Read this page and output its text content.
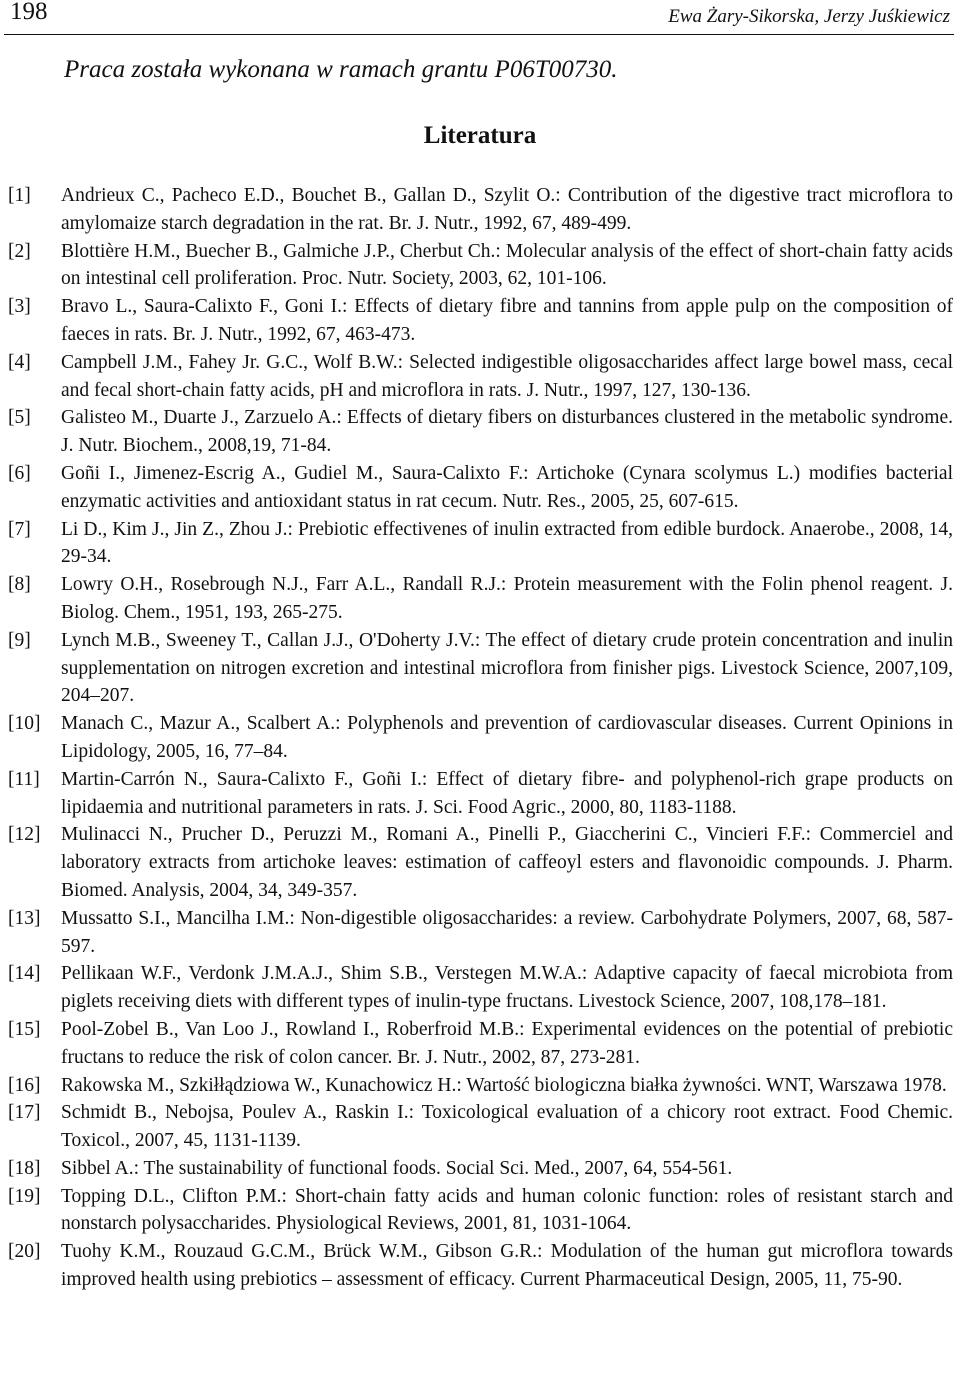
198	Ewa Żary-Sikorska, Jerzy Juśkiewicz
Praca została wykonana w ramach grantu P06T00730.
Literatura
[1] Andrieux C., Pacheco E.D., Bouchet B., Gallan D., Szylit O.: Contribution of the digestive tract microflora to amylomaize starch degradation in the rat. Br. J. Nutr., 1992, 67, 489-499.
[2] Blottière H.M., Buecher B., Galmiche J.P., Cherbut Ch.: Molecular analysis of the effect of short-chain fatty acids on intestinal cell proliferation. Proc. Nutr. Society, 2003, 62, 101-106.
[3] Bravo L., Saura-Calixto F., Goni I.: Effects of dietary fibre and tannins from apple pulp on the composition of faeces in rats. Br. J. Nutr., 1992, 67, 463-473.
[4] Campbell J.M., Fahey Jr. G.C., Wolf B.W.: Selected indigestible oligosaccharides affect large bowel mass, cecal and fecal short-chain fatty acids, pH and microflora in rats. J. Nutr., 1997, 127, 130-136.
[5] Galisteo M., Duarte J., Zarzuelo A.: Effects of dietary fibers on disturbances clustered in the metabolic syndrome. J. Nutr. Biochem., 2008,19, 71-84.
[6] Goñi I., Jimenez-Escrig A., Gudiel M., Saura-Calixto F.: Artichoke (Cynara scolymus L.) modifies bacterial enzymatic activities and antioxidant status in rat cecum. Nutr. Res., 2005, 25, 607-615.
[7] Li D., Kim J., Jin Z., Zhou J.: Prebiotic effectivenes of inulin extracted from edible burdock. Anaerobe., 2008, 14, 29-34.
[8] Lowry O.H., Rosebrough N.J., Farr A.L., Randall R.J.: Protein measurement with the Folin phenol reagent. J. Biolog. Chem., 1951, 193, 265-275.
[9] Lynch M.B., Sweeney T., Callan J.J., O'Doherty J.V.: The effect of dietary crude protein concentration and inulin supplementation on nitrogen excretion and intestinal microflora from finisher pigs. Livestock Science, 2007,109, 204–207.
[10] Manach C., Mazur A., Scalbert A.: Polyphenols and prevention of cardiovascular diseases. Current Opinions in Lipidology, 2005, 16, 77–84.
[11] Martin-Carrón N., Saura-Calixto F., Goñi I.: Effect of dietary fibre- and polyphenol-rich grape products on lipidaemia and nutritional parameters in rats. J. Sci. Food Agric., 2000, 80, 1183-1188.
[12] Mulinacci N., Prucher D., Peruzzi M., Romani A., Pinelli P., Giaccherini C., Vincieri F.F.: Commerciel and laboratory extracts from artichoke leaves: estimation of caffeoyl esters and flavonoidic compounds. J. Pharm. Biomed. Analysis, 2004, 34, 349-357.
[13] Mussatto S.I., Mancilha I.M.: Non-digestible oligosaccharides: a review. Carbohydrate Polymers, 2007, 68, 587-597.
[14] Pellikaan W.F., Verdonk J.M.A.J., Shim S.B., Verstegen M.W.A.: Adaptive capacity of faecal microbiota from piglets receiving diets with different types of inulin-type fructans. Livestock Science, 2007, 108,178–181.
[15] Pool-Zobel B., Van Loo J., Rowland I., Roberfroid M.B.: Experimental evidences on the potential of prebiotic fructans to reduce the risk of colon cancer. Br. J. Nutr., 2002, 87, 273-281.
[16] Rakowska M., Szkiłłądziowa W., Kunachowicz H.: Wartość biologiczna białka żywności. WNT, Warszawa 1978.
[17] Schmidt B., Nebojsa, Poulev A., Raskin I.: Toxicological evaluation of a chicory root extract. Food Chemic. Toxicol., 2007, 45, 1131-1139.
[18] Sibbel A.: The sustainability of functional foods. Social Sci. Med., 2007, 64, 554-561.
[19] Topping D.L., Clifton P.M.: Short-chain fatty acids and human colonic function: roles of resistant starch and nonstarch polysaccharides. Physiological Reviews, 2001, 81, 1031-1064.
[20] Tuohy K.M., Rouzaud G.C.M., Brück W.M., Gibson G.R.: Modulation of the human gut microflora towards improved health using prebiotics – assessment of efficacy. Current Pharmaceutical Design, 2005, 11, 75-90.
